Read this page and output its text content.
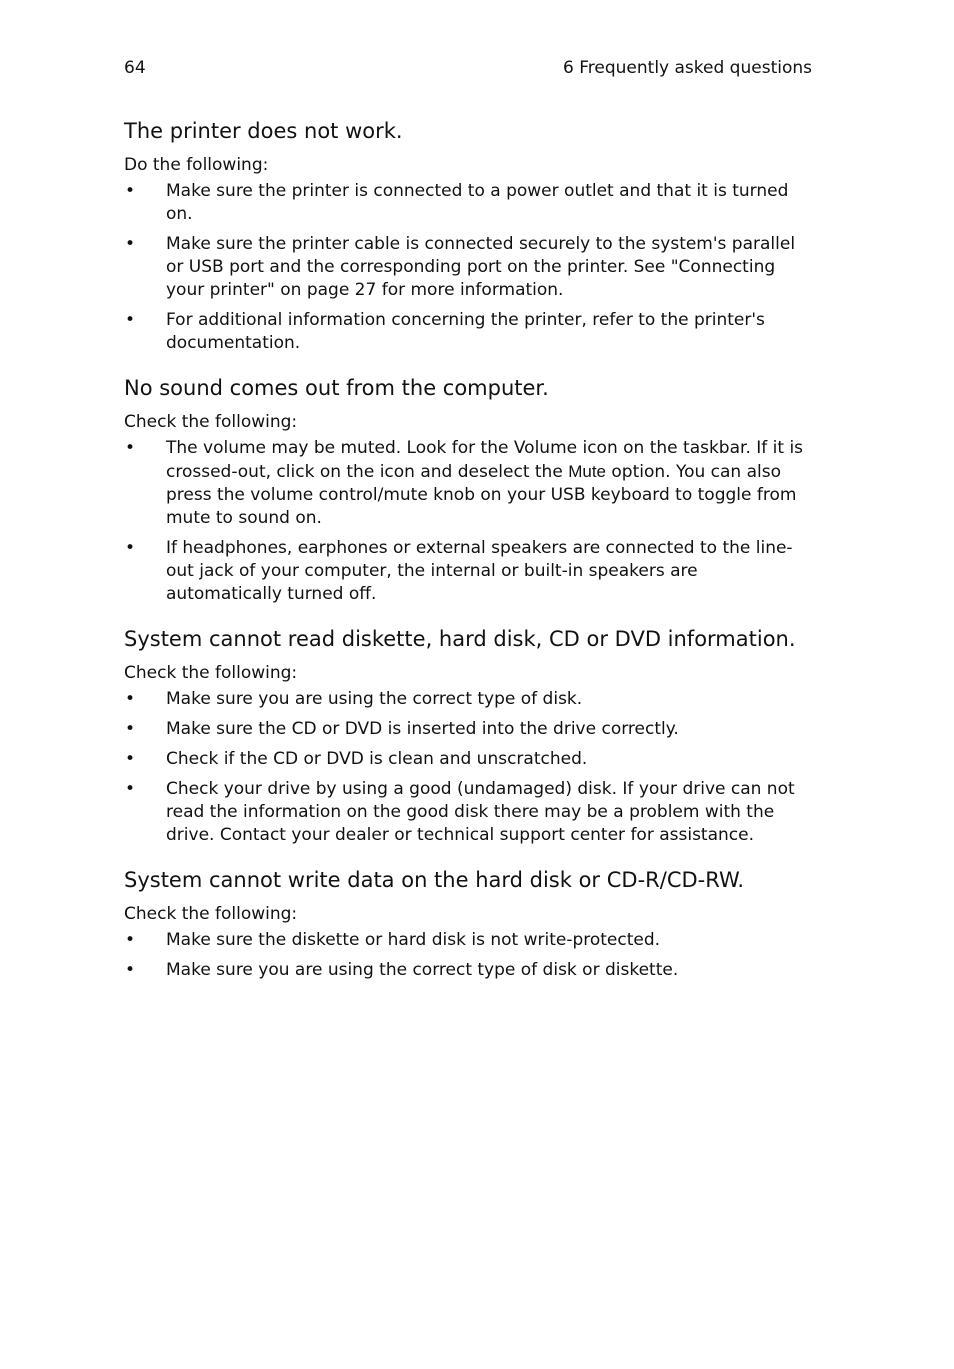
64	6 Frequently asked questions
The printer does not work.

Do the following:

• Make sure the printer is connected to a power outlet and that it is turned on.
• Make sure the printer cable is connected securely to the system's parallel or USB port and the corresponding port on the printer. See "Connecting your printer" on page 27 for more information.
• For additional information concerning the printer, refer to the printer's documentation.
No sound comes out from the computer.

Check the following:

• The volume may be muted. Look for the Volume icon on the taskbar. If it is crossed-out, click on the icon and deselect the Mute option. You can also press the volume control/mute knob on your USB keyboard to toggle from mute to sound on.
• If headphones, earphones or external speakers are connected to the line-out jack of your computer, the internal or built-in speakers are automatically turned off.
System cannot read diskette, hard disk, CD or DVD information.

Check the following:

• Make sure you are using the correct type of disk.
• Make sure the CD or DVD is inserted into the drive correctly.
• Check if the CD or DVD is clean and unscratched.
• Check your drive by using a good (undamaged) disk. If your drive can not read the information on the good disk there may be a problem with the drive. Contact your dealer or technical support center for assistance.
System cannot write data on the hard disk or CD-R/CD-RW.

Check the following:

• Make sure the diskette or hard disk is not write-protected.
• Make sure you are using the correct type of disk or diskette.
